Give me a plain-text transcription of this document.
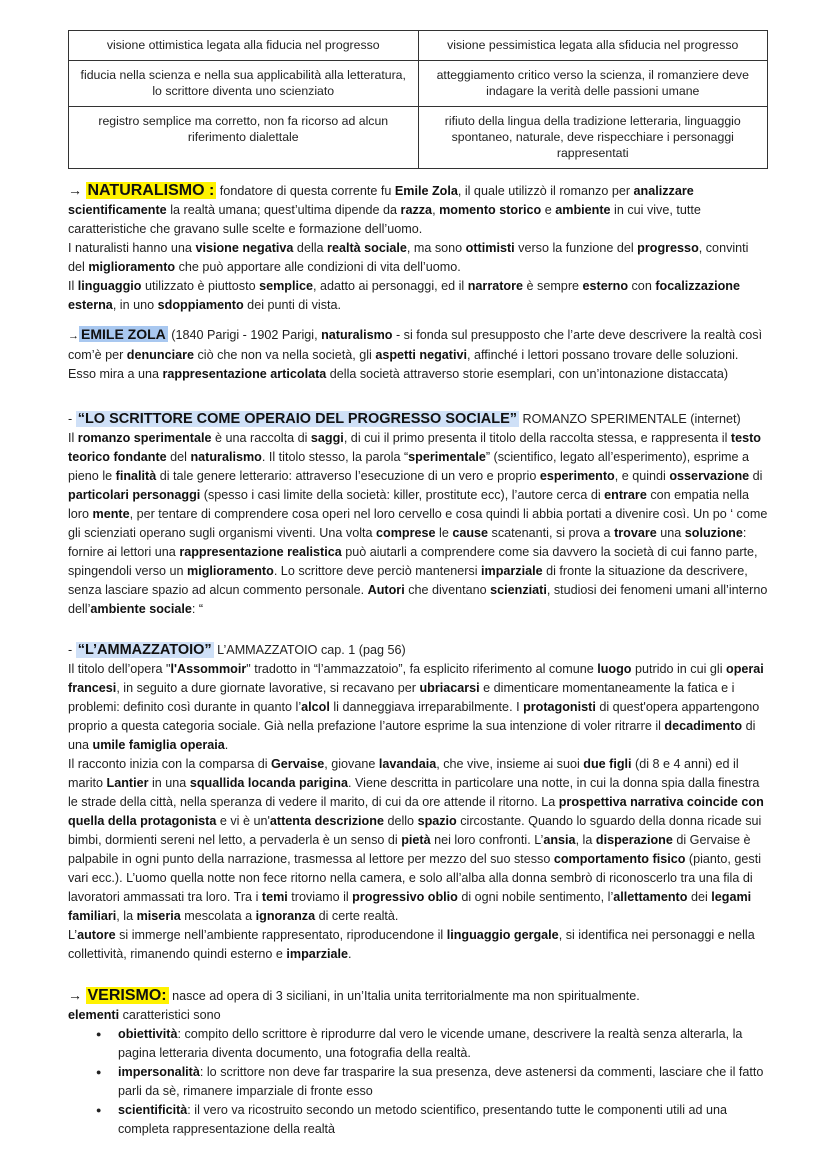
visione ottimistica legata alla fiducia nel progresso	visione pessimistica legata alla sfiducia nel progresso
fiducia nella scienza e nella sua applicabilità alla letteratura, lo scrittore diventa uno scienziato	atteggiamento critico verso la scienza, il romanziere deve indagare la verità delle passioni umane
registro semplice ma corretto, non fa ricorso ad alcun riferimento dialettale	rifiuto della lingua della tradizione letteraria, linguaggio spontaneo, naturale, deve rispecchiare i personaggi rappresentati

→ NATURALISMO : fondatore di questa corrente fu Emile Zola, il quale utilizzò il romanzo per analizzare scientificamente la realtà umana; quest’ultima dipende da razza, momento storico e ambiente in cui vive, tutte caratteristiche che gravano sulle scelte e formazione dell’uomo.

I naturalisti hanno una visione negativa della realtà sociale, ma sono ottimisti verso la funzione del progresso, convinti del miglioramento che può apportare alle condizioni di vita dell’uomo.

Il linguaggio utilizzato è piuttosto semplice, adatto ai personaggi, ed il narratore è sempre esterno con focalizzazione esterna, in uno sdoppiamento dei punti di vista.

→ EMILE ZOLA (1840 Parigi - 1902 Parigi, naturalismo - si fonda sul presupposto che l’arte deve descrivere la realtà così com’è per denunciare ciò che non va nella società, gli aspetti negativi, affinché i lettori possano trovare delle soluzioni. Esso mira a una rappresentazione articolata della società attraverso storie esemplari, con un’intonazione distaccata)

- “LO SCRITTORE COME OPERAIO DEL PROGRESSO SOCIALE” ROMANZO SPERIMENTALE (internet)

Il romanzo sperimentale è una raccolta di saggi, di cui il primo presenta il titolo della raccolta stessa, e rappresenta il testo teorico fondante del naturalismo. Il titolo stesso, la parola “sperimentale” (scientifico, legato all’esperimento), esprime a pieno le finalità di tale genere letterario: attraverso l’esecuzione di un vero e proprio esperimento, e quindi osservazione di particolari personaggi (spesso i casi limite della società: killer, prostitute ecc), l’autore cerca di entrare con empatia nella loro mente, per tentare di comprendere cosa operi nel loro cervello e cosa quindi li abbia portati a divenire così. Un po ‘ come gli scienziati operano sugli organismi viventi. Una volta comprese le cause scatenanti, si prova a trovare una soluzione: fornire ai lettori una rappresentazione realistica può aiutarli a comprendere come sia davvero la società di cui fanno parte, spingendoli verso un miglioramento. Lo scrittore deve perciò mantenersi imparziale di fronte la situazione da descrivere, senza lasciare spazio ad alcun commento personale. Autori che diventano scienziati, studiosi dei fenomeni umani all’interno dell’ambiente sociale: “

- “L’AMMAZZATOIO” L’AMMAZZATOIO cap. 1 (pag 56)

Il titolo dell’opera "l'Assommoir" tradotto in “l’ammazzatoio”, fa esplicito riferimento al comune luogo putrido in cui gli operai francesi, in seguito a dure giornate lavorative, si recavano per ubriacarsi e dimenticare momentaneamente la fatica e i problemi: definito così durante in quanto l’alcol li danneggiava irreparabilmente. I protagonisti di quest'opera appartengono proprio a questa categoria sociale. Già nella prefazione l’autore esprime la sua intenzione di voler ritrarre il decadimento di una umile famiglia operaia.

Il racconto inizia con la comparsa di Gervaise, giovane lavandaia, che vive, insieme ai suoi due figli (di 8 e 4 anni) ed il marito Lantier in una squallida locanda parigina. Viene descritta in particolare una notte, in cui la donna spia dalla finestra le strade della città, nella speranza di vedere il marito, di cui da ore attende il ritorno. La prospettiva narrativa coincide con quella della protagonista e vi è un'attenta descrizione dello spazio circostante. Quando lo sguardo della donna ricade sui bimbi, dormienti sereni nel letto, a pervaderla è un senso di pietà nei loro confronti. L’ansia, la disperazione di Gervaise è palpabile in ogni punto della narrazione, trasmessa al lettore per mezzo del suo stesso comportamento fisico (pianto, gesti vari ecc.). L’uomo quella notte non fece ritorno nella camera, e solo all’alba alla donna sembrò di riconoscerlo tra una fila di lavoratori ammassati tra loro. Tra i temi troviamo il progressivo oblio di ogni nobile sentimento, l’allettamento dei legami familiari, la miseria mescolata a ignoranza di certe realtà.

L’autore si immerge nell’ambiente rappresentato, riproducendone il linguaggio gergale, si identifica nei personaggi e nella collettività, rimanendo quindi esterno e imparziale.

→ VERISMO: nasce ad opera di 3 siciliani, in un’Italia unita territorialmente ma non spiritualmente.

elementi caratteristici sono

● obiettività: compito dello scrittore è riprodurre dal vero le vicende umane, descrivere la realtà senza alterarla, la pagina letteraria diventa documento, una fotografia della realtà.
● impersonalità: lo scrittore non deve far trasparire la sua presenza, deve astenersi da commenti, lasciare che il fatto parli da sè, rimanere imparziale di fronte esso
● scientificità: il vero va ricostruito secondo un metodo scientifico, presentando tutte le componenti utili ad una completa rappresentazione della realtà
